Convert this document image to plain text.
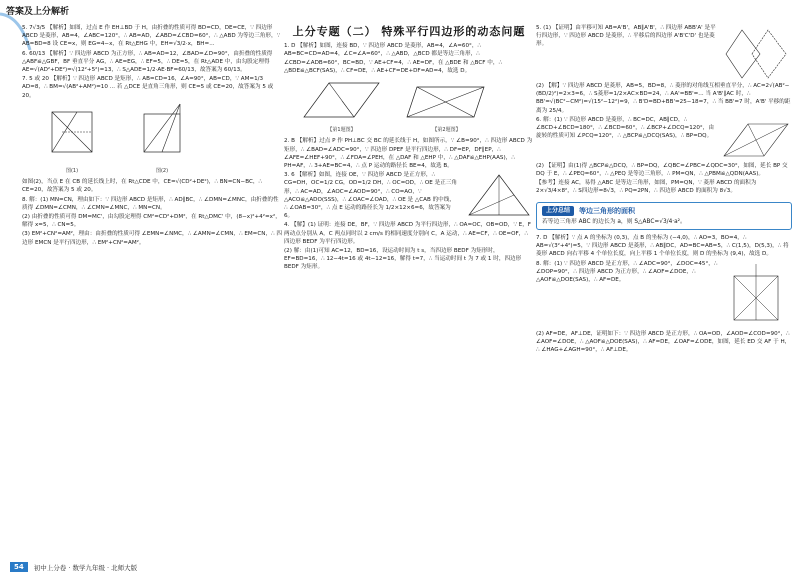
答案及上分解析

5. 7√3/5 【解析】如图，过点 E 作 EH⊥BD 于 H，由折叠的性质可得 BD=CD，DE=CE，∵ 四边形 ABCD 是菱形，AB=4，∠ABC=120°，∴ AB=AD，∠ABD=∠CBD=60°，∴ △ABD 为等边三角形，∵ AB=BD=8 设 CE=x，则 EG=4−x，在 Rt△EHG 中，EH=√3/2·x，BH=...

6. 60/13 【解析】∵ 四边形 ABCD 为正方形，∴ AB=AD=12，∠BAD=∠D=90°，由折叠的性质得 △ABF≌△GBF，BF 垂直平分 AG，∴ AE=EG，∴ EF=5，∴ DE=5，在 Rt△ADE 中，由勾股定理得 AE=√(AD²+DE²)=√(12²+5²)=13，∴ S△ADE=1/2·AE·BF=60/13，故答案为 60/13。

7. 5 或 20 【解析】∵ 四边形 ABCD 是矩形，∴ AB=CD=16，∠A=90°，AB=CD，∵ AM=1/3 AD=8，∴ BM=√(AB²+AM²)=10 ... 若 △DCE 是直角三角形，则 CE=5 或 CE=20，故答案为 5 或 20。

图(1)	图(2)

如图(2)，当点 E 在 CB 的延长线上时，在 Rt△CDE 中，CE=√(CD²+DE²)，∴ BN=CN−BC，∴ CE=20，故答案为 5 或 20。

8. 解：(1) MN=CN，理由如下：∵ 四边形 ABCD 是矩形，∴ AD∥BC，∴ ∠DMN=∠MNC，由折叠的性质得 ∠DMN=∠CMN，∴ ∠CMN=∠MNC，∴ MN=CN。

(2) 由折叠的性质可得 DM=MC'，由勾股定理得 CM²=CD²+DM²，在 Rt△DMC' 中，(8−x)²+4²=x²，解得 x=5，∴ CN=5。

(3) EM²+CN²=AM²，理由：由折叠的性质可得 ∠EMN=∠NMC，∴ ∠AMN=∠CMN，∴ EM=CN，∴ 四边形 EMCN 是平行四边形，∴ EM²+CN²=AM²。

上分专题（二） 特殊平行四边形的动态问题

1. D 【解析】如图，连接 BD，∵ 四边形 ABCD 是菱形，AB=4，∠A=60°，∴ AB=BC=CD=AD=4，∠C=∠A=60°，∴ △ABD，△BCD 都是等边三角形，∴ ∠CBD=∠ADB=60°，BC=BD，∵ AE+CF=4，∴ AE=DF，在 △BDE 和 △BCF 中，∴ △BDE≌△BCF(SAS)，∴ CF=DE，∴ AE+CF=DE+DF=AD=4，故选 D。

【第1题图】	【第2题图】

2. B 【解析】过点 P 作 PH⊥BC 交 BC 的延长线于 H，如图所示，∵ ∠B=90°，∴ 四边形 ABCD 为矩形，∴ ∠BAD=∠ADC=90°，∵ 四边形 DPEF 是平行四边形，∴ DF=EP，DF∥EP，∴ ∠AFE=∠HEF+90°，∴ ∠FDA=∠PEH，在 △DAF 和 △EHP 中，∴ △DAF≌△EHP(AAS)，∴ PH=AF，∴ 3+AE=BC=4，∴ 点 P 运动的路径长 BE=4，故选 B。

3. 6 【解析】如图，连接 OE，∵ 四边形 ABCD 是正方形，∴ CG=DH，OC=1/2 CG，OD=1/2 DH，∴ OC=OD，∴ OE 是正三角形，∴ AC=AD，∠AOC=∠AOD=90°，∴ CO=AO，∵ △ACO≌△ADO(SSS)，∴ ∠OAC=∠OAD，∴ OE 是 △CAB 的中线，∴ ∠OAB=30°，∴ 点 E 运动的路径长为 1/2×12×6=6，故答案为 6。

4. 【解】(1) 证明：连接 DE，BF，∵ 四边形 ABCD 为平行四边形，∴ OA=OC，OB=OD，∵ E，F 两动点分别从 A，C 两点同时以 2 cm/s 的相同速度分别向 C，A 运动，∴ AE=CF，∴ OE=OF，∴ 四边形 BEDF 为平行四边形。

(2) 解：由(1)可知 AC=12，BD=16，设运动时间为 t s，当四边形 BEDF 为矩形时，EF=BD=16，∴ 12−4t=16 或 4t−12=16，解得 t=7，∴ 当运动时间 t 为 7 或 1 时，四边形 BEDF 为矩形。

5. (1) 【证明】由平移可知 AB=A'B'，AB∥A'B'，∴ 四边形 ABB'A' 是平行四边形，∵ 四边形 ABCD 是菱形，∴ 平移后的四边形 A'B'C'D' 也是菱形。

(2) 【解】∵ 四边形 ABCD 是菱形，AB=5，BD=8，∴ 菱形的对角线互相垂直平分，∴ AC=2√(AB²−(BD/2)²)=2×3=6，∴ S菱形=1/2×AC×BD=24，∴ AA'=BB'=... 当 A'B'∥AC 时，∴ BB'=√(BC²−CM²)=√(15²−12²)=9，∴ B'D=BD+BB'=25−18=7，∴ 当 BB'=7 时，A'B' 平移的距离为 25/4。

6. 解：(1) ∵ 四边形 ABCD 是菱形，∴ BC=DC，AB∥CD，∴ ∠BCD+∠BCD=180°，∴ ∠BCD=60°，∴ ∠BCP+∠DCQ=120°，由旋转的性质可知 ∠PCQ=120°，∴ △BCP≌△DCQ(SAS)，∴ BP=DQ。

(2) 【证明】由(1)得 △BCP≌△DCQ，∴ BP=DQ，∠QBC=∠PBC=∠QDC=30°，如图，延长 BP 交 DQ 于 E，∴ ∠PEQ=60°，∴ △PEQ 是等边三角形，∴ PM=QN，∴ △PBM≌△QDN(AAS)。

【参考】连接 AC，易得 △ABC 是等边三角形，如图，PM=QN，∵ 菱形 ABCD 的面积为 2×√3/4×8²，∴ S四边形=8√3，∴ PQ=2PN，∴ 四边形 ABCD 的面积为 8√3。

上分总结	等边三角形的面积
若等边三角形 ABC 的边长为 a，则 S△ABC=√3/4·a²。

7. D 【解析】∵ 点 A 的坐标为 (0,3)，点 B 的坐标为 (−4,0)，∴ AO=3，BO=4，∴ AB=√(3²+4²)=5，∵ 四边形 ABCD 是菱形，∴ AB∥DC，AD=BC=AB=5，∴ C(1,5)，D(5,3)，∴ 将菱形 ABCD 向右平移 4 个单位长度，向上平移 1 个单位长度，则 D 的坐标为 (9,4)，故选 D。

8. 解：(1) ∵ 四边形 ABCD 是正方形，∴ ∠ADC=90°，∠DOC=45°，∴ ∠DOP=90°，∴ 四边形 ABCD 为正方形，∴ ∠AOF=∠DOE，∴ △AOF≌△DOE(SAS)，∴ AF=DE。

(2) AF=DE，AF⊥DE，证明如下：∵ 四边形 ABCD 是正方形，∴ OA=OD，∠AOD=∠COD=90°，∴ ∠AOF=∠DOE，∴ △AOF≌△DOE(SAS)，∴ AF=DE，∠OAF=∠ODE，如图，延长 ED 交 AF 于 H，∴ ∠HAG+∠AGH=90°，∴ AF⊥DE。

54	初中上分卷 · 数学九年级 · 北师大版
